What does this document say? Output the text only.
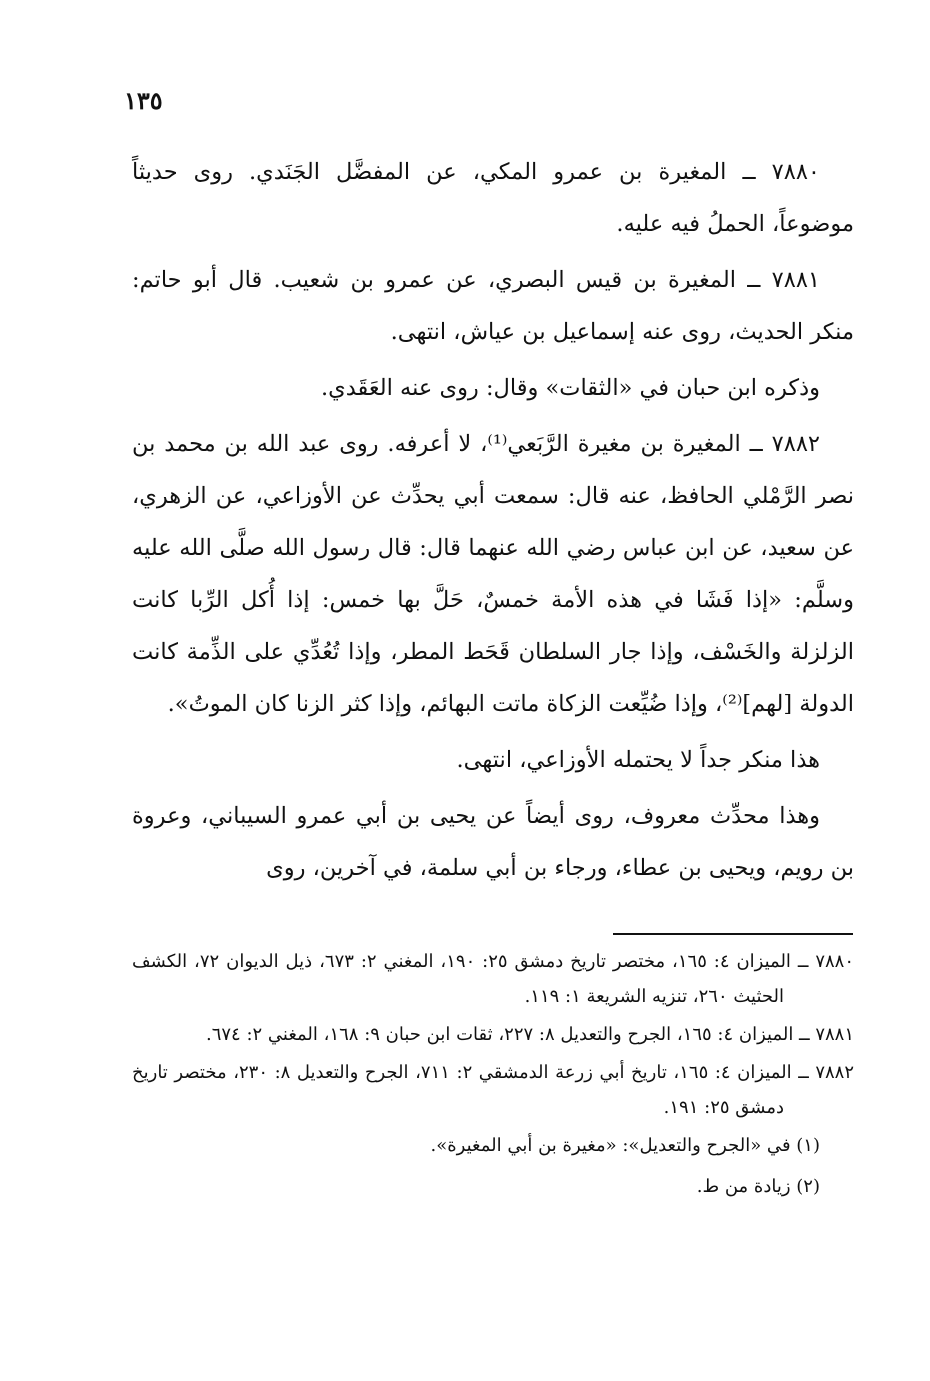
١٣٥

٧٨٨٠ ــ المغيرة بن عمرو المكي، عن المفضَّل الجَنَدي. روى حديثاً موضوعاً، الحملُ فيه عليه.

٧٨٨١ ــ المغيرة بن قيس البصري، عن عمرو بن شعيب. قال أبو حاتم: منكر الحديث، روى عنه إسماعيل بن عياش، انتهى.

وذكره ابن حبان في «الثقات» وقال: روى عنه العَقَدي.

٧٨٨٢ ــ المغيرة بن مغيرة الرَّبَعي⁽¹⁾، لا أعرفه. روى عبد الله بن محمد بن نصر الرَّمْلي الحافظ، عنه قال: سمعت أبي يحدِّث عن الأوزاعي، عن الزهري، عن سعيد، عن ابن عباس رضي الله عنهما قال: قال رسول الله صلَّى الله عليه وسلَّم: «إذا فَشَا في هذه الأمة خمسٌ، حَلَّ بها خمس: إذا أُكل الرِّبا كانت الزلزلة والخَسْف، وإذا جار السلطان قَحَط المطر، وإذا تُعُدِّي على الذِّمة كانت الدولة [لهم]⁽²⁾، وإذا ضُيِّعت الزكاة ماتت البهائم، وإذا كثر الزنا كان الموتُ».

هذا منكر جداً لا يحتمله الأوزاعي، انتهى.

وهذا محدِّث معروف، روى أيضاً عن يحيى بن أبي عمرو السيباني، وعروة بن رويم، ويحيى بن عطاء، ورجاء بن أبي سلمة، في آخرين، روى

٧٨٨٠ ــ الميزان ٤: ١٦٥، مختصر تاريخ دمشق ٢٥: ١٩٠، المغني ٢: ٦٧٣، ذيل الديوان ٧٢، الكشف الحثيث ٢٦٠، تنزيه الشريعة ١: ١١٩.

٧٨٨١ ــ الميزان ٤: ١٦٥، الجرح والتعديل ٨: ٢٢٧، ثقات ابن حبان ٩: ١٦٨، المغني ٢: ٦٧٤.

٧٨٨٢ ــ الميزان ٤: ١٦٥، تاريخ أبي زرعة الدمشقي ٢: ٧١١، الجرح والتعديل ٨: ٢٣٠، مختصر تاريخ دمشق ٢٥: ١٩١.

(١) في «الجرح والتعديل»: «مغيرة بن أبي المغيرة».

(٢) زيادة من ط.
